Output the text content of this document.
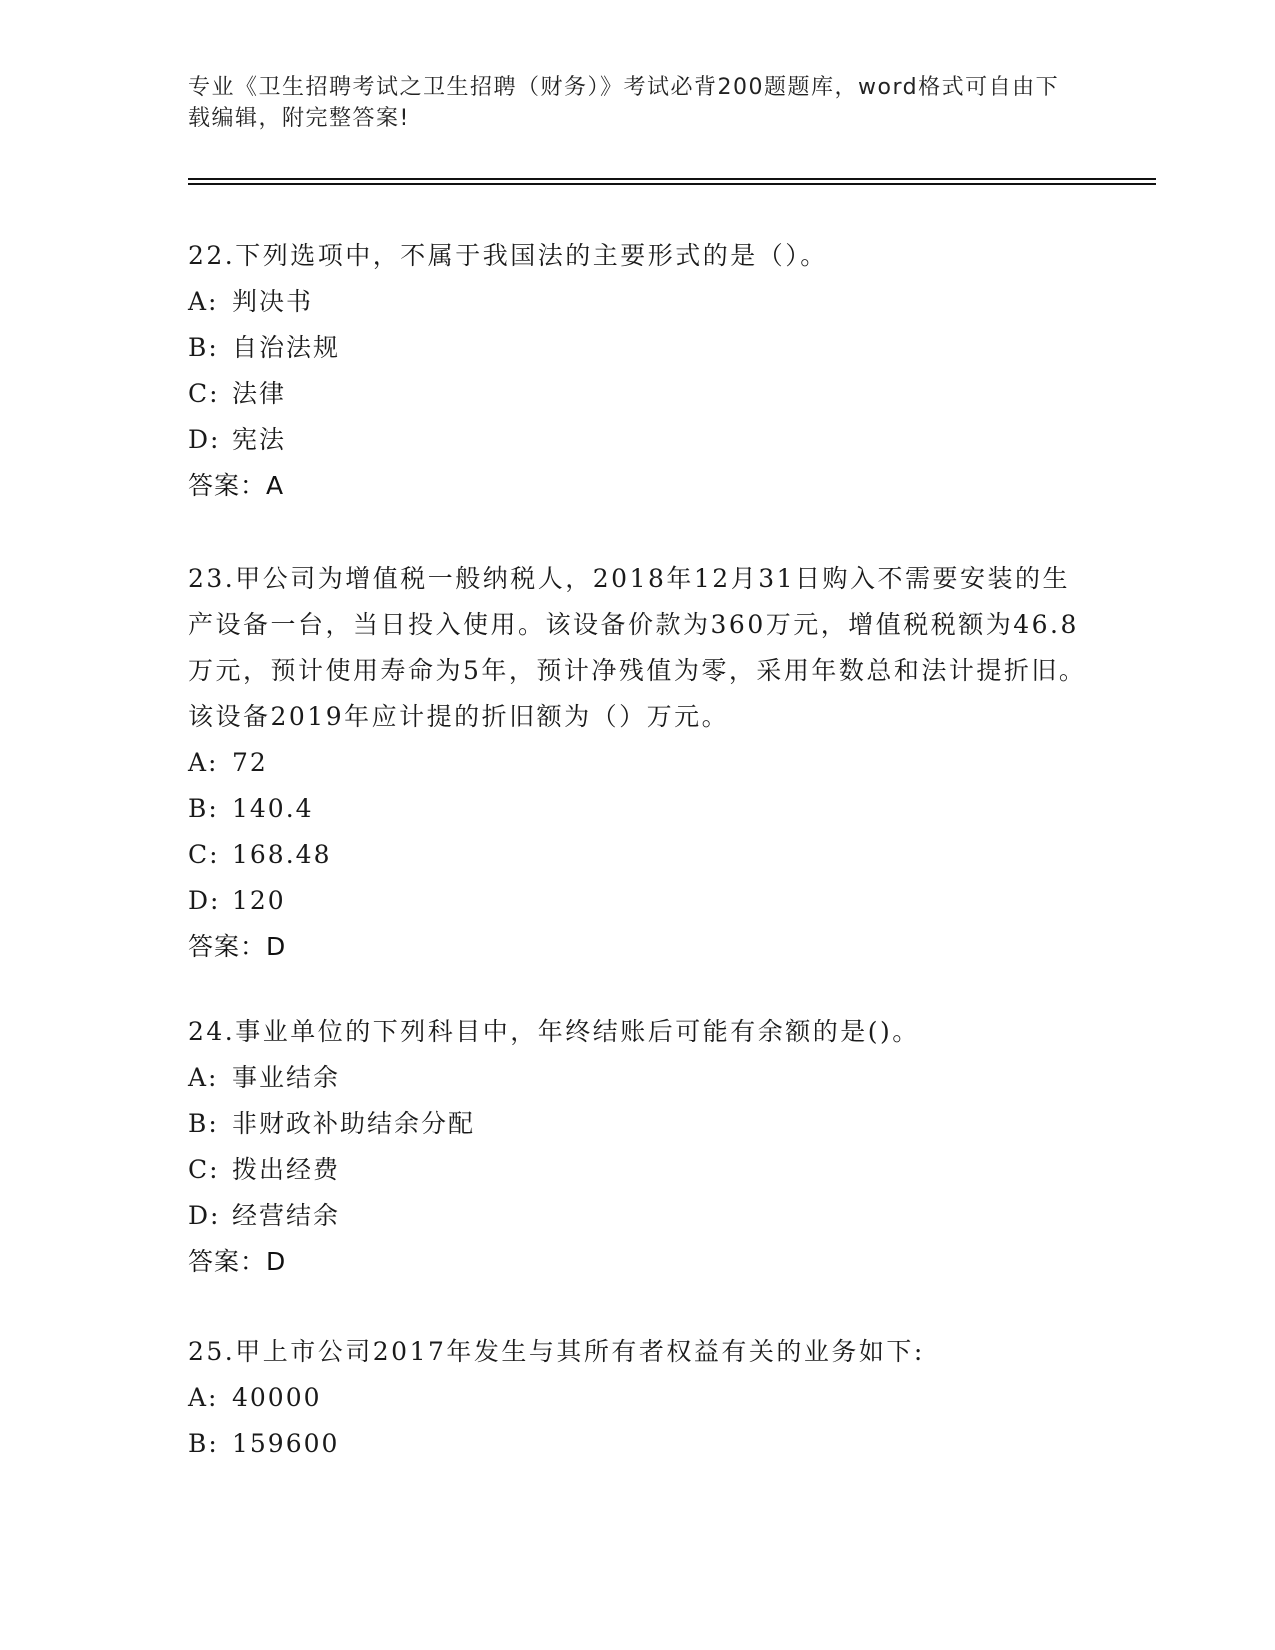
专业《卫生招聘考试之卫生招聘（财务）》考试必背200题题库，word格式可自由下载编辑，附完整答案!
22.下列选项中，不属于我国法的主要形式的是（）。
A: 判决书
B: 自治法规
C: 法律
D: 宪法
答案：A
23.甲公司为增值税一般纳税人，2018年12月31日购入不需要安装的生产设备一台，当日投入使用。该设备价款为360万元，增值税税额为46.8万元，预计使用寿命为5年，预计净残值为零，采用年数总和法计提折旧。该设备2019年应计提的折旧额为（）万元。
A: 72
B: 140.4
C: 168.48
D: 120
答案：D
24.事业单位的下列科目中，年终结账后可能有余额的是()。
A: 事业结余
B: 非财政补助结余分配
C: 拨出经费
D: 经营结余
答案：D
25.甲上市公司2017年发生与其所有者权益有关的业务如下:
A: 40000
B: 159600
